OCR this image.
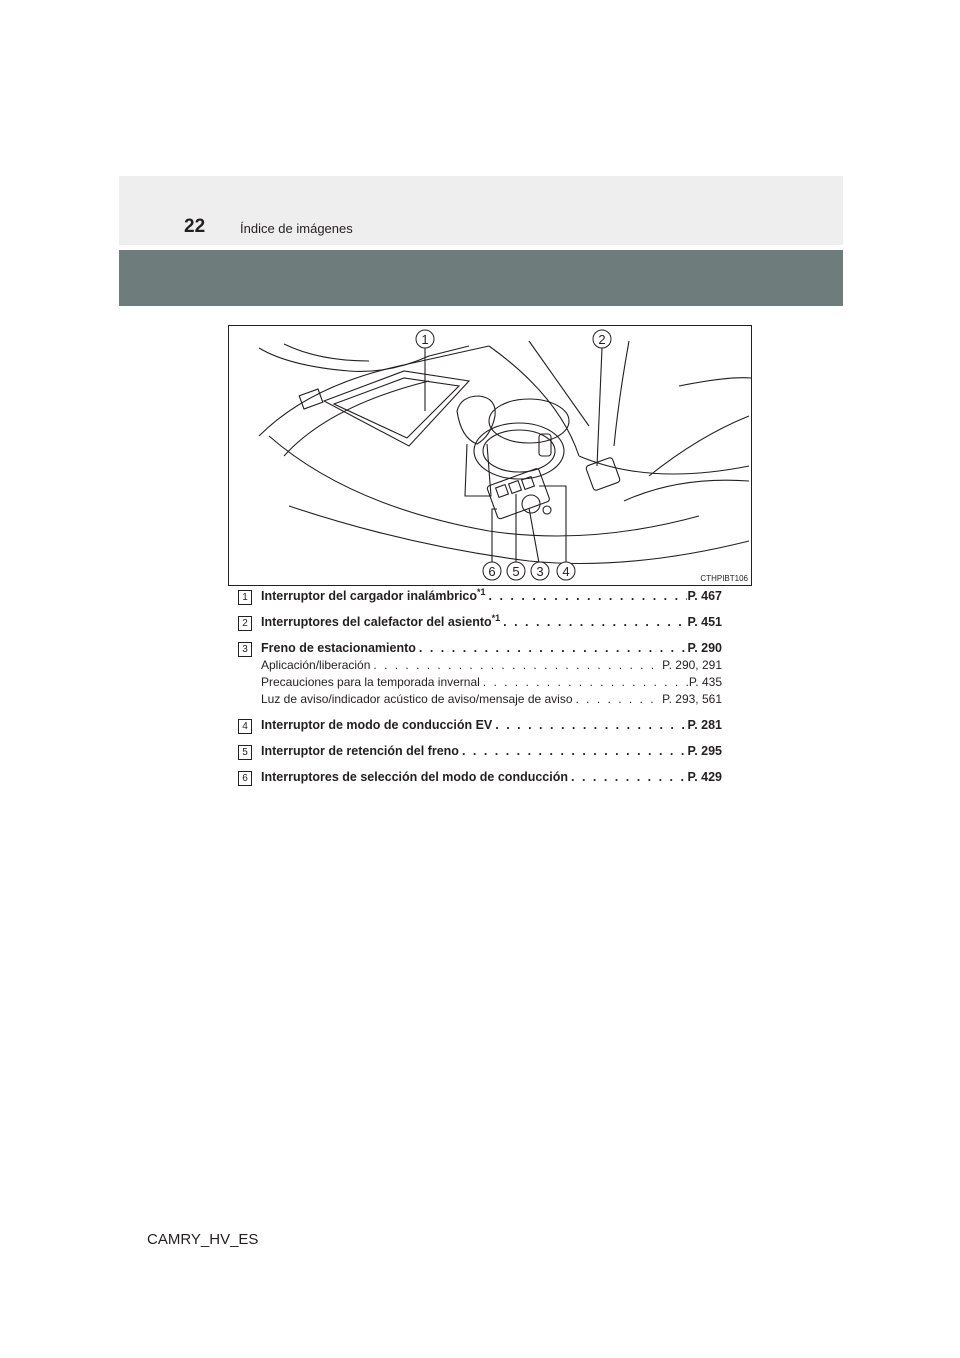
22	Índice de imágenes
1	2
6 5 3 4	CTHPIBT106
1	Interruptor del cargador inalámbrico$^{*1}$ . . .	P. 467
2	Interruptores del calefactor del asiento$^{*1}$ . . .	P. 451
3	Freno de estacionamiento . . .	P. 290
Aplicación/liberación . . .	P. 290, 291
Precauciones para la temporada invernal . . .	P. 435
Luz de aviso/indicador acústico de aviso/mensaje de aviso . . .	P. 293, 561
4	Interruptor de modo de conducción EV . . .	P. 281
5	Interruptor de retención del freno . . .	P. 295
6	Interruptores de selección del modo de conducción . . .	P. 429
CAMRY_HV_ES
